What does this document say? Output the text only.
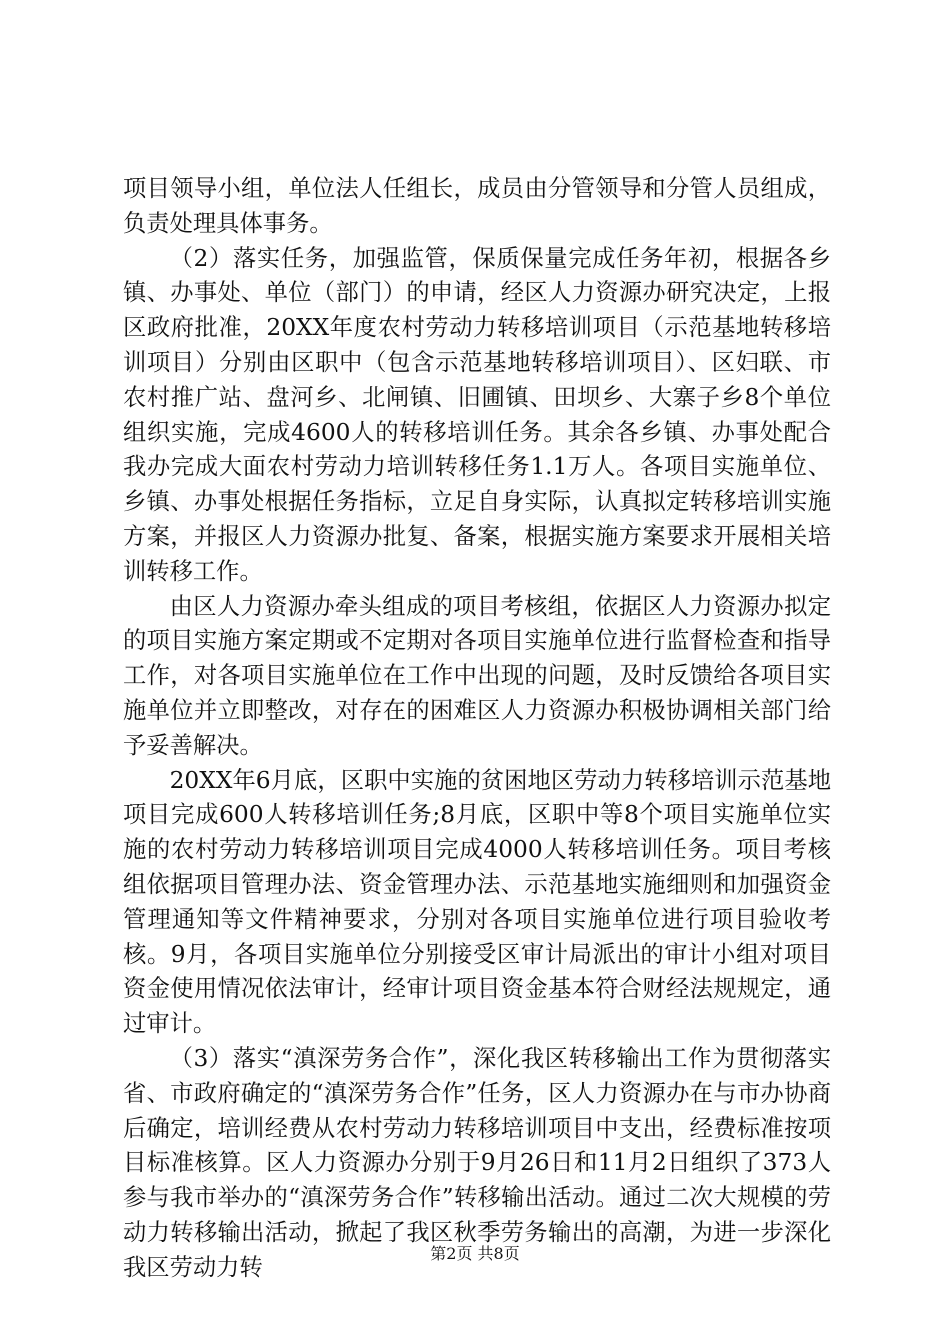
项目领导小组，单位法人任组长，成员由分管领导和分管人员组成，负责处理具体事务。

（2）落实任务，加强监管，保质保量完成任务年初，根据各乡镇、办事处、单位（部门）的申请，经区人力资源办研究决定，上报区政府批准，20XX年度农村劳动力转移培训项目（示范基地转移培训项目）分别由区职中（包含示范基地转移培训项目）、区妇联、市农村推广站、盘河乡、北闸镇、旧圃镇、田坝乡、大寨子乡8个单位组织实施，完成4600人的转移培训任务。其余各乡镇、办事处配合我办完成大面农村劳动力培训转移任务1.1万人。各项目实施单位、乡镇、办事处根据任务指标，立足自身实际，认真拟定转移培训实施方案，并报区人力资源办批复、备案，根据实施方案要求开展相关培训转移工作。

由区人力资源办牵头组成的项目考核组，依据区人力资源办拟定的项目实施方案定期或不定期对各项目实施单位进行监督检查和指导工作，对各项目实施单位在工作中出现的问题，及时反馈给各项目实施单位并立即整改，对存在的困难区人力资源办积极协调相关部门给予妥善解决。

20XX年6月底，区职中实施的贫困地区劳动力转移培训示范基地项目完成600人转移培训任务;8月底，区职中等8个项目实施单位实施的农村劳动力转移培训项目完成4000人转移培训任务。项目考核组依据项目管理办法、资金管理办法、示范基地实施细则和加强资金管理通知等文件精神要求，分别对各项目实施单位进行项目验收考核。9月，各项目实施单位分别接受区审计局派出的审计小组对项目资金使用情况依法审计，经审计项目资金基本符合财经法规规定，通过审计。

（3）落实“滇深劳务合作”，深化我区转移输出工作为贯彻落实省、市政府确定的“滇深劳务合作”任务，区人力资源办在与市办协商后确定，培训经费从农村劳动力转移培训项目中支出，经费标准按项目标准核算。区人力资源办分别于9月26日和11月2日组织了373人参与我市举办的“滇深劳务合作”转移输出活动。通过二次大规模的劳动力转移输出活动，掀起了我区秋季劳务输出的高潮，为进一步深化我区劳动力转

第2页 共8页
